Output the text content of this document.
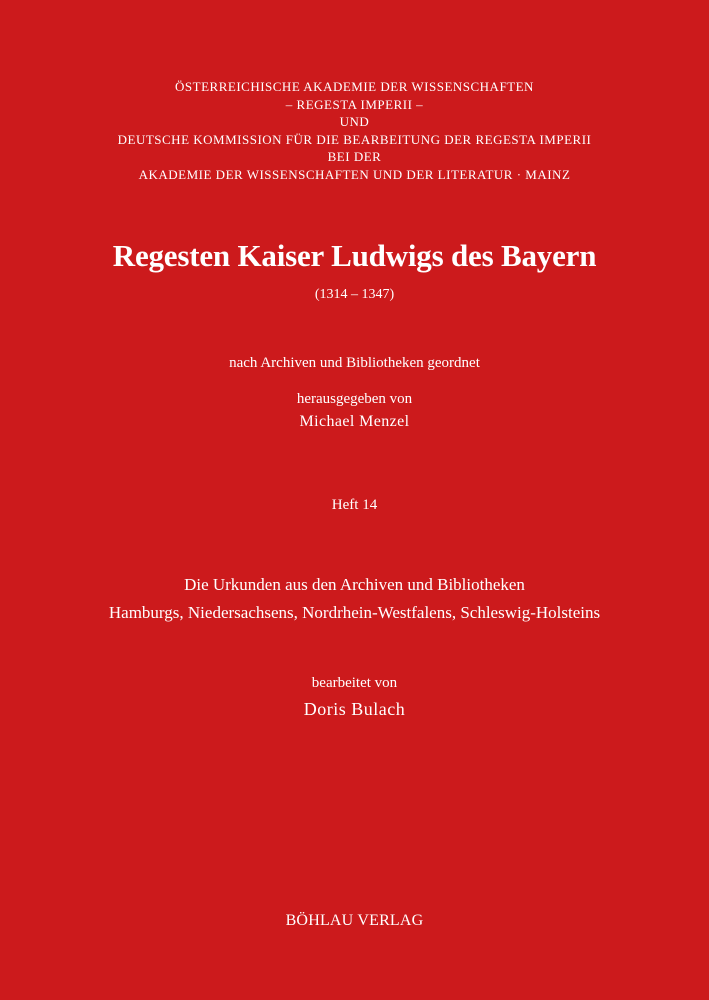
ÖSTERREICHISCHE AKADEMIE DER WISSENSCHAFTEN

– REGESTA IMPERII –

UND

DEUTSCHE KOMMISSION FÜR DIE BEARBEITUNG DER REGESTA IMPERII

BEI DER

AKADEMIE DER WISSENSCHAFTEN UND DER LITERATUR · MAINZ

Regesten Kaiser Ludwigs des Bayern

(1314 – 1347)

nach Archiven und Bibliotheken geordnet

herausgegeben von

Michael Menzel

Heft 14

Die Urkunden aus den Archiven und Bibliotheken

Hamburgs, Niedersachsens, Nordrhein-Westfalens, Schleswig-Holsteins

bearbeitet von

Doris Bulach

BÖHLAU VERLAG
